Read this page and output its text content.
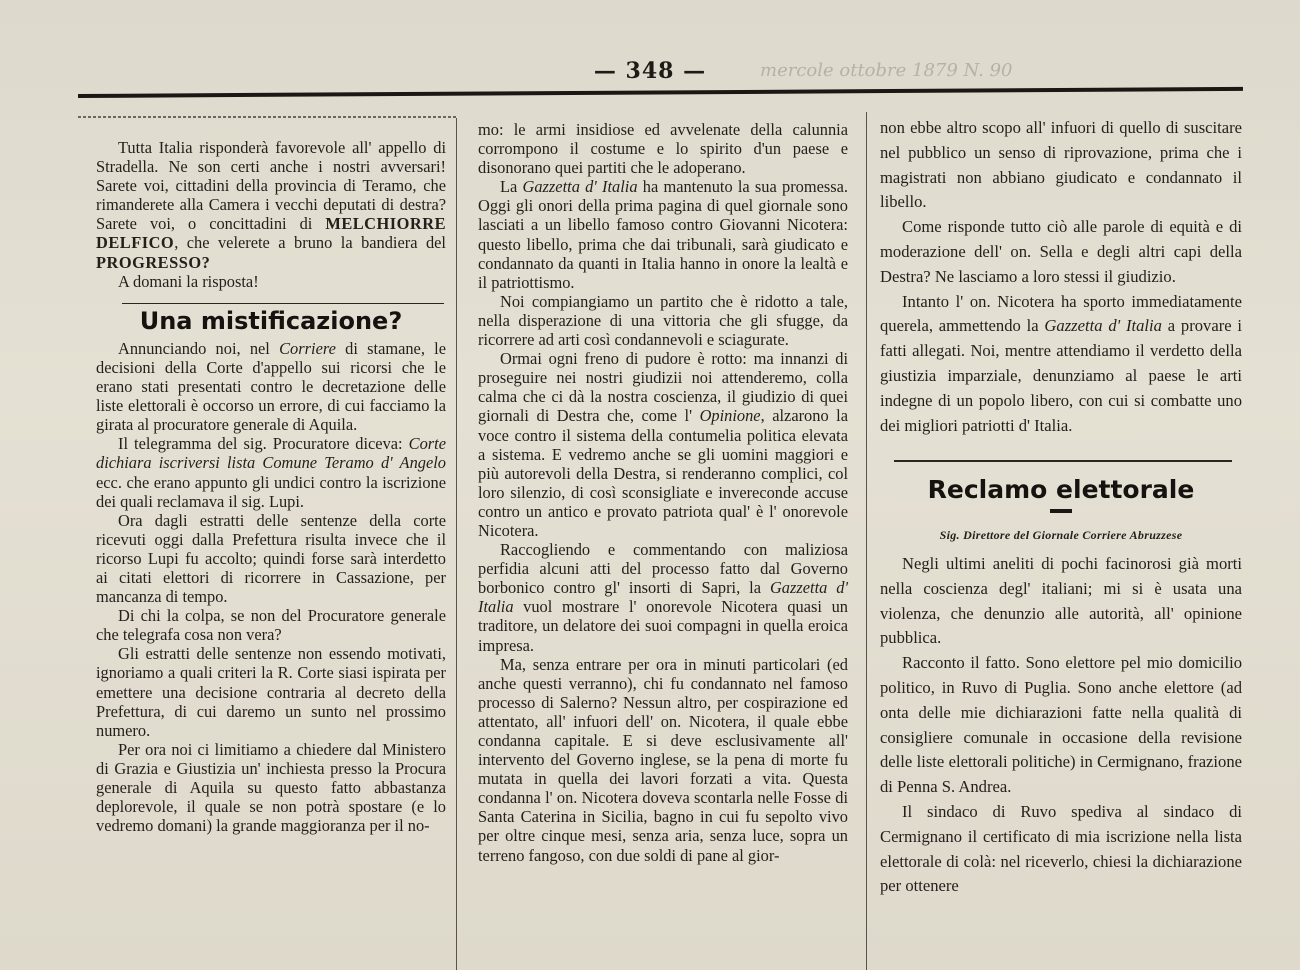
mercole ottobre 1879 N. 90
— 348 —

Tutta Italia risponderà favorevole all' appello di Stradella. Ne son certi anche i nostri avversari! Sarete voi, cittadini della provincia di Teramo, che rimanderete alla Camera i vecchi deputati di destra? Sarete voi, o concittadini di MELCHIORRE DELFICO, che velerete a bruno la bandiera del PROGRESSO?

A domani la risposta!

Una mistificazione?

Annunciando noi, nel Corriere di stamane, le decisioni della Corte d'appello sui ricorsi che le erano stati presentati contro le decretazione delle liste elettorali è occorso un errore, di cui facciamo la girata al procuratore generale di Aquila.

Il telegramma del sig. Procuratore diceva: Corte dichiara iscriversi lista Comune Teramo d' Angelo ecc. che erano appunto gli undici contro la iscrizione dei quali reclamava il sig. Lupi.

Ora dagli estratti delle sentenze della corte ricevuti oggi dalla Prefettura risulta invece che il ricorso Lupi fu accolto; quindi forse sarà interdetto ai citati elettori di ricorrere in Cassazione, per mancanza di tempo.

Di chi la colpa, se non del Procuratore generale che telegrafa cosa non vera?

Gli estratti delle sentenze non essendo motivati, ignoriamo a quali criteri la R. Corte siasi ispirata per emettere una decisione contraria al decreto della Prefettura, di cui daremo un sunto nel prossimo numero.

Per ora noi ci limitiamo a chiedere dal Ministero di Grazia e Giustizia un' inchiesta presso la Procura generale di Aquila su questo fatto abbastanza deplorevole, il quale se non potrà spostare (e lo vedremo domani) la grande maggioranza per il no-

mo: le armi insidiose ed avvelenate della calunnia corrompono il costume e lo spirito d'un paese e disonorano quei partiti che le adoperano.

La Gazzetta d' Italia ha mantenuto la sua promessa. Oggi gli onori della prima pagina di quel giornale sono lasciati a un libello famoso contro Giovanni Nicotera: questo libello, prima che dai tribunali, sarà giudicato e condannato da quanti in Italia hanno in onore la lealtà e il patriottismo.

Noi compiangiamo un partito che è ridotto a tale, nella disperazione di una vittoria che gli sfugge, da ricorrere ad arti così condannevoli e sciagurate.

Ormai ogni freno di pudore è rotto: ma innanzi di proseguire nei nostri giudizii noi attenderemo, colla calma che ci dà la nostra coscienza, il giudizio di quei giornali di Destra che, come l' Opinione, alzarono la voce contro il sistema della contumelia politica elevata a sistema. E vedremo anche se gli uomini maggiori e più autorevoli della Destra, si renderanno complici, col loro silenzio, di così sconsigliate e invereconde accuse contro un antico e provato patriota qual' è l' onorevole Nicotera.

Raccogliendo e commentando con maliziosa perfidia alcuni atti del processo fatto dal Governo borbonico contro gl' insorti di Sapri, la Gazzetta d' Italia vuol mostrare l' onorevole Nicotera quasi un traditore, un delatore dei suoi compagni in quella eroica impresa.

Ma, senza entrare per ora in minuti particolari (ed anche questi verranno), chi fu condannato nel famoso processo di Salerno? Nessun altro, per cospirazione ed attentato, all' infuori dell' on. Nicotera, il quale ebbe condanna capitale. E si deve esclusivamente all' intervento del Governo inglese, se la pena di morte fu mutata in quella dei lavori forzati a vita. Questa condanna l' on. Nicotera doveva scontarla nelle Fosse di Santa Caterina in Sicilia, bagno in cui fu sepolto vivo per oltre cinque mesi, senza aria, senza luce, sopra un terreno fangoso, con due soldi di pane al gior-

non ebbe altro scopo all' infuori di quello di suscitare nel pubblico un senso di riprovazione, prima che i magistrati non abbiano giudicato e condannato il libello.

Come risponde tutto ciò alle parole di equità e di moderazione dell' on. Sella e degli altri capi della Destra? Ne lasciamo a loro stessi il giudizio.

Intanto l' on. Nicotera ha sporto immediatamente querela, ammettendo la Gazzetta d' Italia a provare i fatti allegati. Noi, mentre attendiamo il verdetto della giustizia imparziale, denunziamo al paese le arti indegne di un popolo libero, con cui si combatte uno dei migliori patriotti d' Italia.

Reclamo elettorale
Sig. Direttore del Giornale Corriere Abruzzese

Negli ultimi aneliti di pochi facinorosi già morti nella coscienza degl' italiani; mi si è usata una violenza, che denunzio alle autorità, all' opinione pubblica.

Racconto il fatto. Sono elettore pel mio domicilio politico, in Ruvo di Puglia. Sono anche elettore (ad onta delle mie dichiarazioni fatte nella qualità di consigliere comunale in occasione della revisione delle liste elettorali politiche) in Cermignano, frazione di Penna S. Andrea.

Il sindaco di Ruvo spediva al sindaco di Cermignano il certificato di mia iscrizione nella lista elettorale di colà: nel riceverlo, chiesi la dichiarazione per ottenere
